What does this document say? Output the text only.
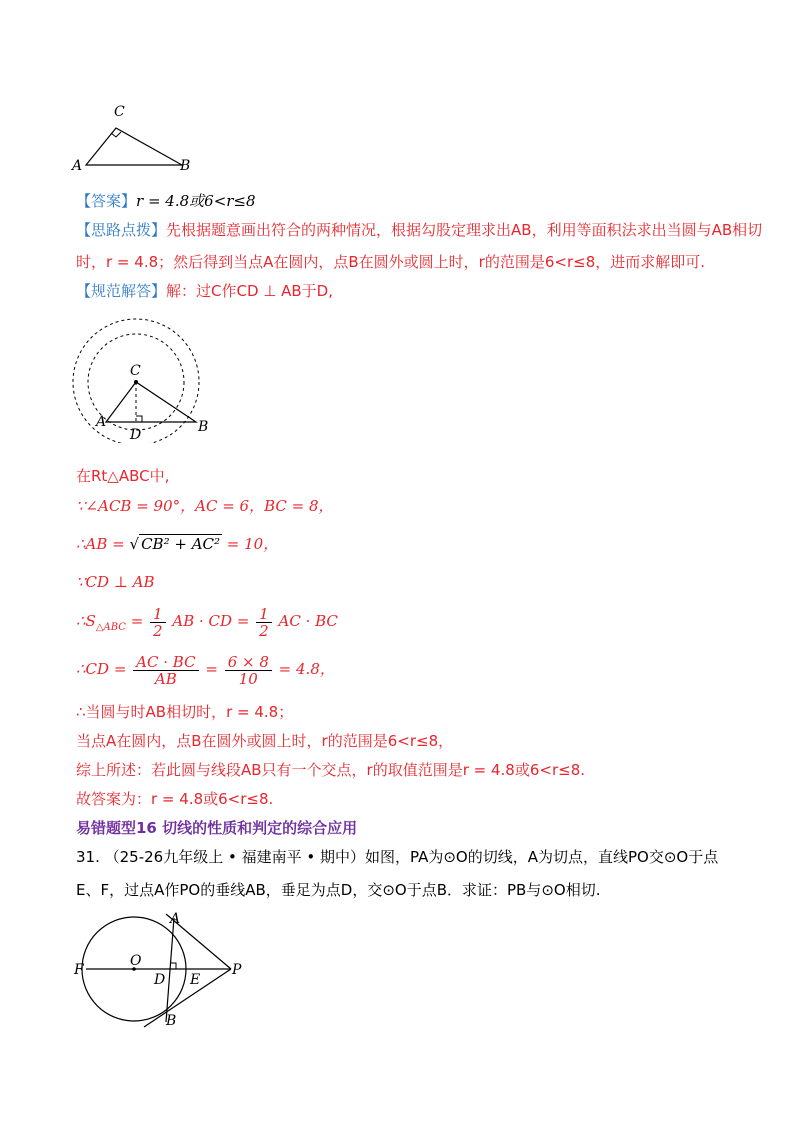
C
A	B
【答案】r = 4.8或6<r≤8
【思路点拨】先根据题意画出符合的两种情况，根据勾股定理求出AB，利用等面积法求出当圆与AB相切
时，r = 4.8；然后得到当点A在圆内，点B在圆外或圆上时，r的范围是6<r≤8，进而求解即可.
【规范解答】解：过C作CD ⊥ AB于D,
C
A	B
D
在Rt△ABC中,
∵∠ACB = 90°，AC = 6，BC = 8，
∴AB = √ CB² + AC² = 10，
∵CD ⊥ AB
$\therefore S_{\triangle ABC} = \frac{1}{2}$ AB · CD = $\frac{1}{2}$ AC · BC
∴CD = $\frac{AC \cdot BC}{AB} = \frac{6 \times 8}{10} = 4.8$，
∴当圆与时AB相切时，r = 4.8；
当点A在圆内，点B在圆外或圆上时，r的范围是6<r≤8，
综上所述：若此圆与线段AB只有一个交点，r的取值范围是r = 4.8或6<r≤8.
故答案为：r = 4.8或6<r≤8.
易错题型16 切线的性质和判定的综合应用
31. （25-26九年级上 • 福建南平 • 期中）如图，PA为⊙O的切线，A为切点，直线PO交⊙O于点
E、F，过点A作PO的垂线AB，垂足为点D，交⊙O于点B．求证：PB与⊙O相切.
A
B
F
O
D E
P
